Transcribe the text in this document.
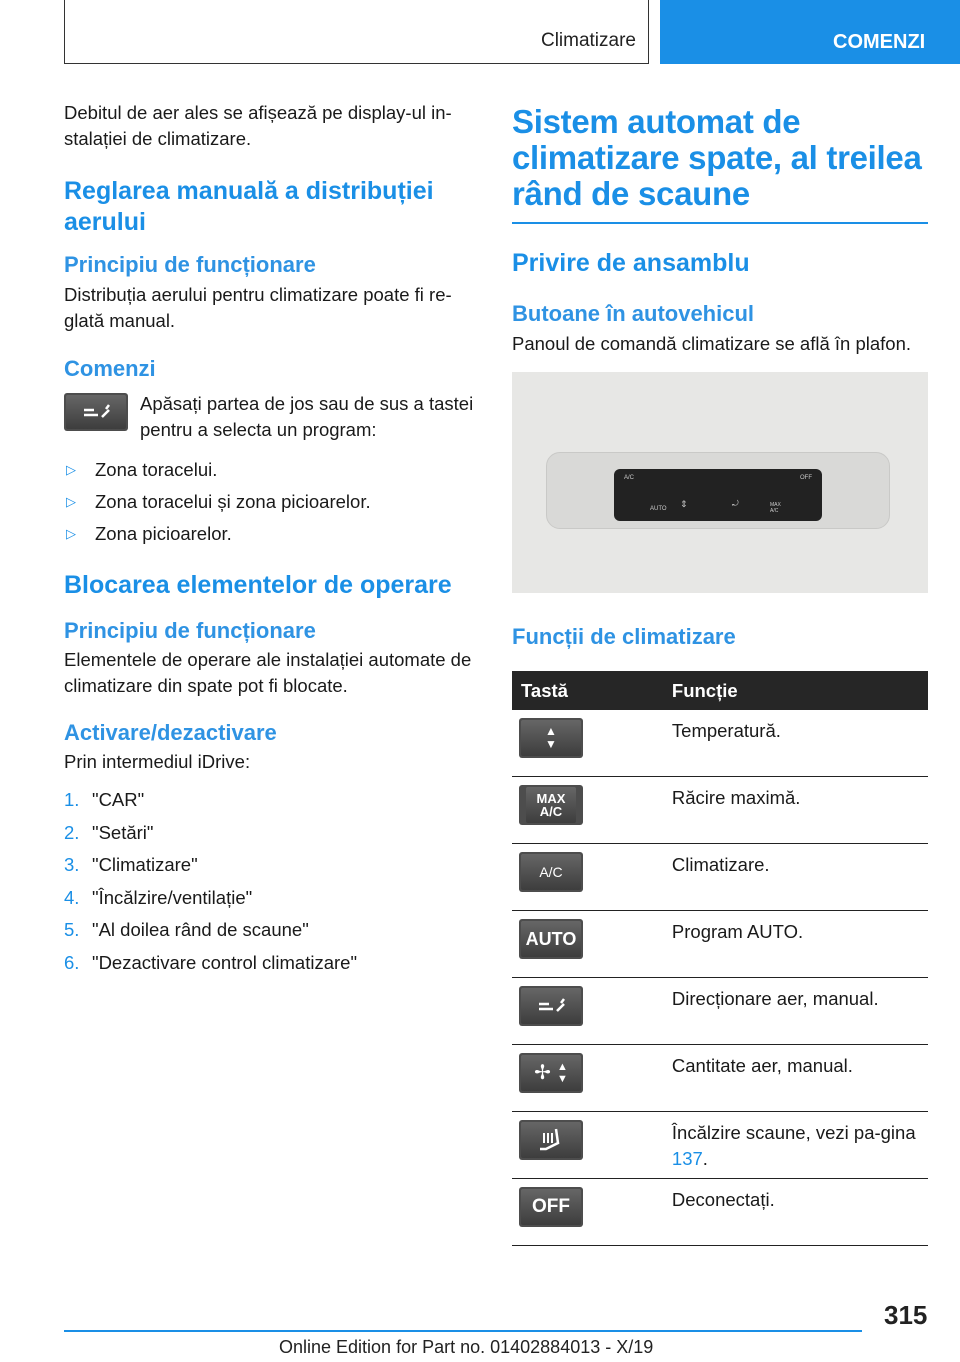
Climatizare	COMENZI

Debitul de aer ales se afișează pe display-ul in-stalației de climatizare.

Reglarea manuală a distribuției aerului
Principiu de funcționare

Distribuția aerului pentru climatizare poate fi re-glată manual.

Comenzi

Apăsați partea de jos sau de sus a tastei pentru a selecta un program:

▷	Zona toracelui.
▷	Zona toracelui și zona picioarelor.
▷	Zona picioarelor.
Blocarea elementelor de operare
Principiu de funcționare

Elementele de operare ale instalației automate de climatizare din spate pot fi blocate.

Activare/dezactivare

Prin intermediul iDrive:

1. "CAR"
2. "Setări"
3. "Climatizare"
4. "Încălzire/ventilație"
5. "Al doilea rând de scaune"
6. "Dezactivare control climatizare"
Sistem automat de climatizare spate, al treilea rând de scaune
Privire de ansamblu
Butoane în autovehicul

Panoul de comandă climatizare se află în plafon.

A/C	OFF
AUTO
MAX A/C
⇕	⤾
Funcții de climatizare
Tastă	Funcție

▲
▼	Temperatură.

MAX A/C	Răcire maximă.

A/C	Climatizare.

AUTO	Program AUTO.

	Direcționare aer, manual.

✢ ▲
▼	Cantitate aer, manual.

	Încălzire scaune, vezi pa-gina 137.

OFF	Deconectați.
315
Online Edition for Part no. 01402884013 - X/19
